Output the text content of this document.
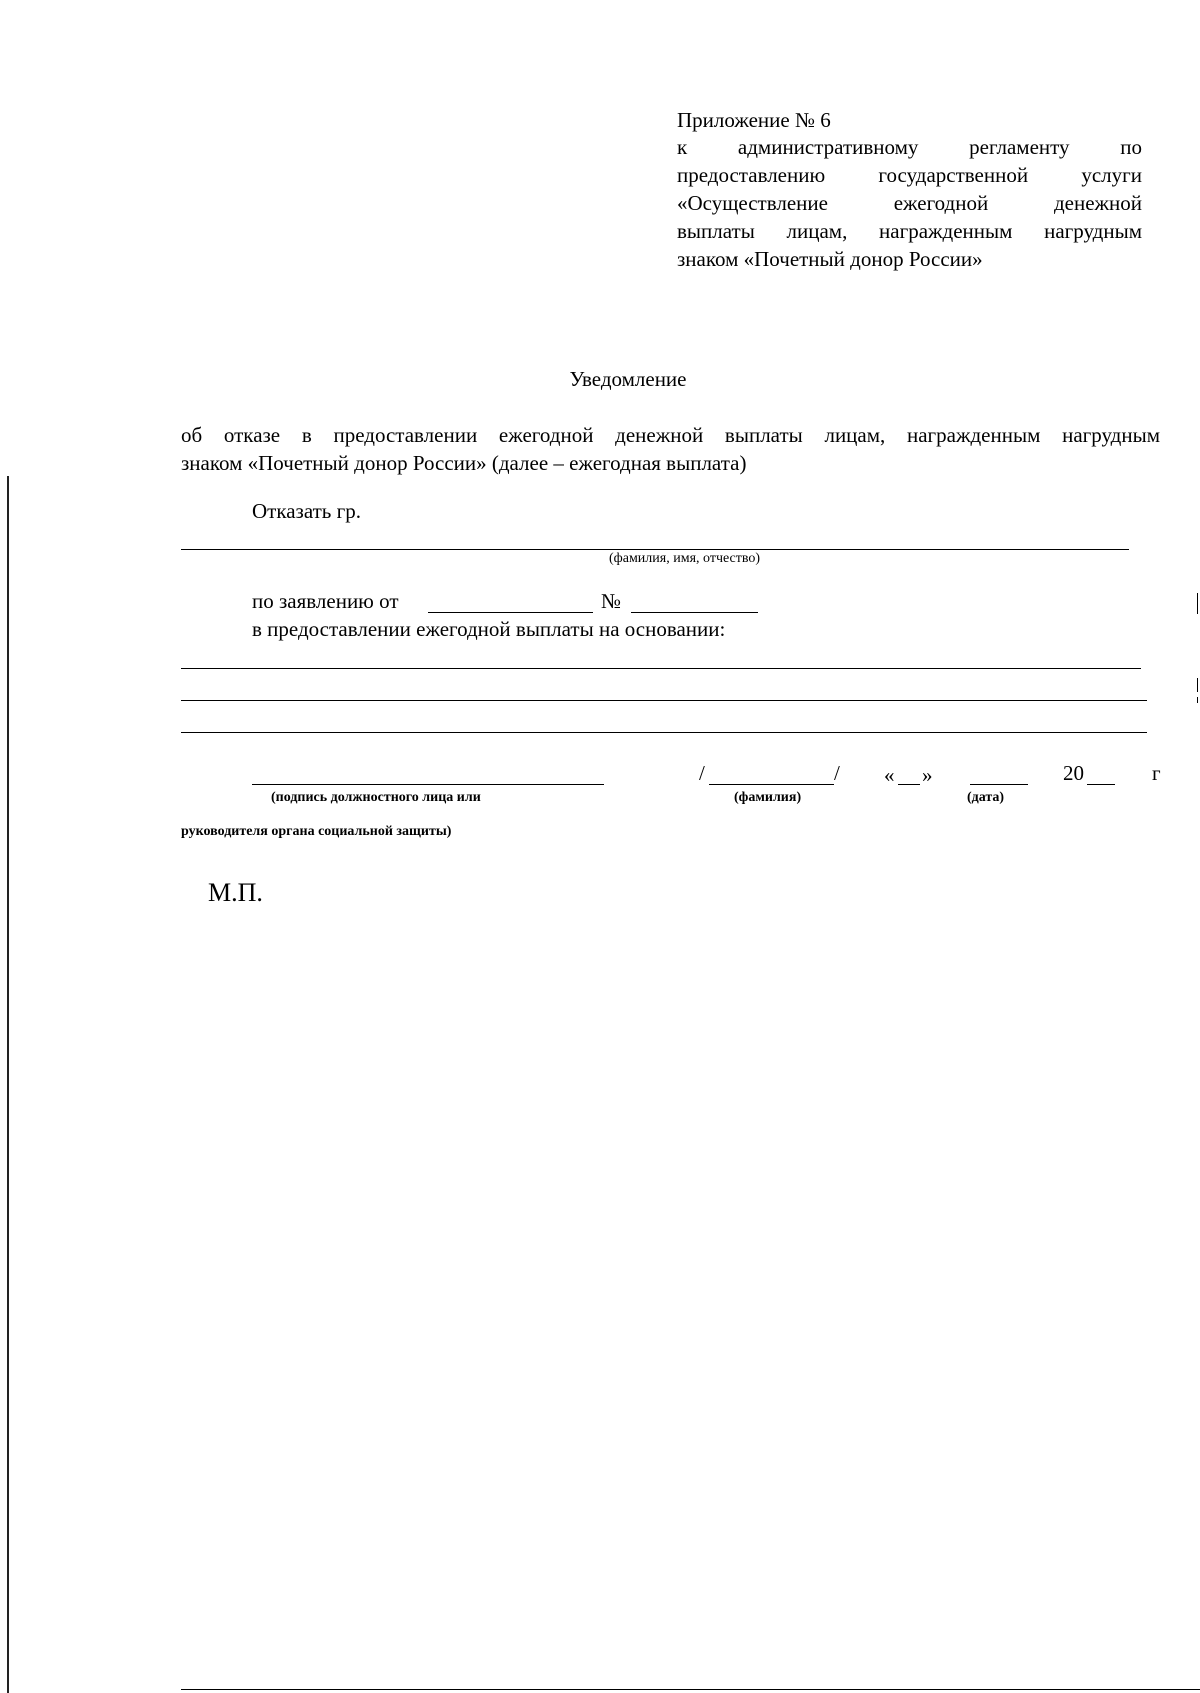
Приложение № 6
к административному регламенту по
предоставлению государственной услуги
«Осуществление ежегодной денежной
выплаты лицам, награжденным нагрудным
знаком «Почетный донор России»
Уведомление
об отказе в предоставлении ежегодной денежной выплаты лицам, награжденным нагрудным
знаком «Почетный донор России» (далее – ежегодная выплата)
Отказать гр.
(фамилия, имя, отчество)
по заявлению от	№
в предоставлении ежегодной выплаты на основании:
(подпись должностного лица или
руководителя органа социальной защиты)
/	/
(фамилия)
« »
(дата)
20	г
М.П.
